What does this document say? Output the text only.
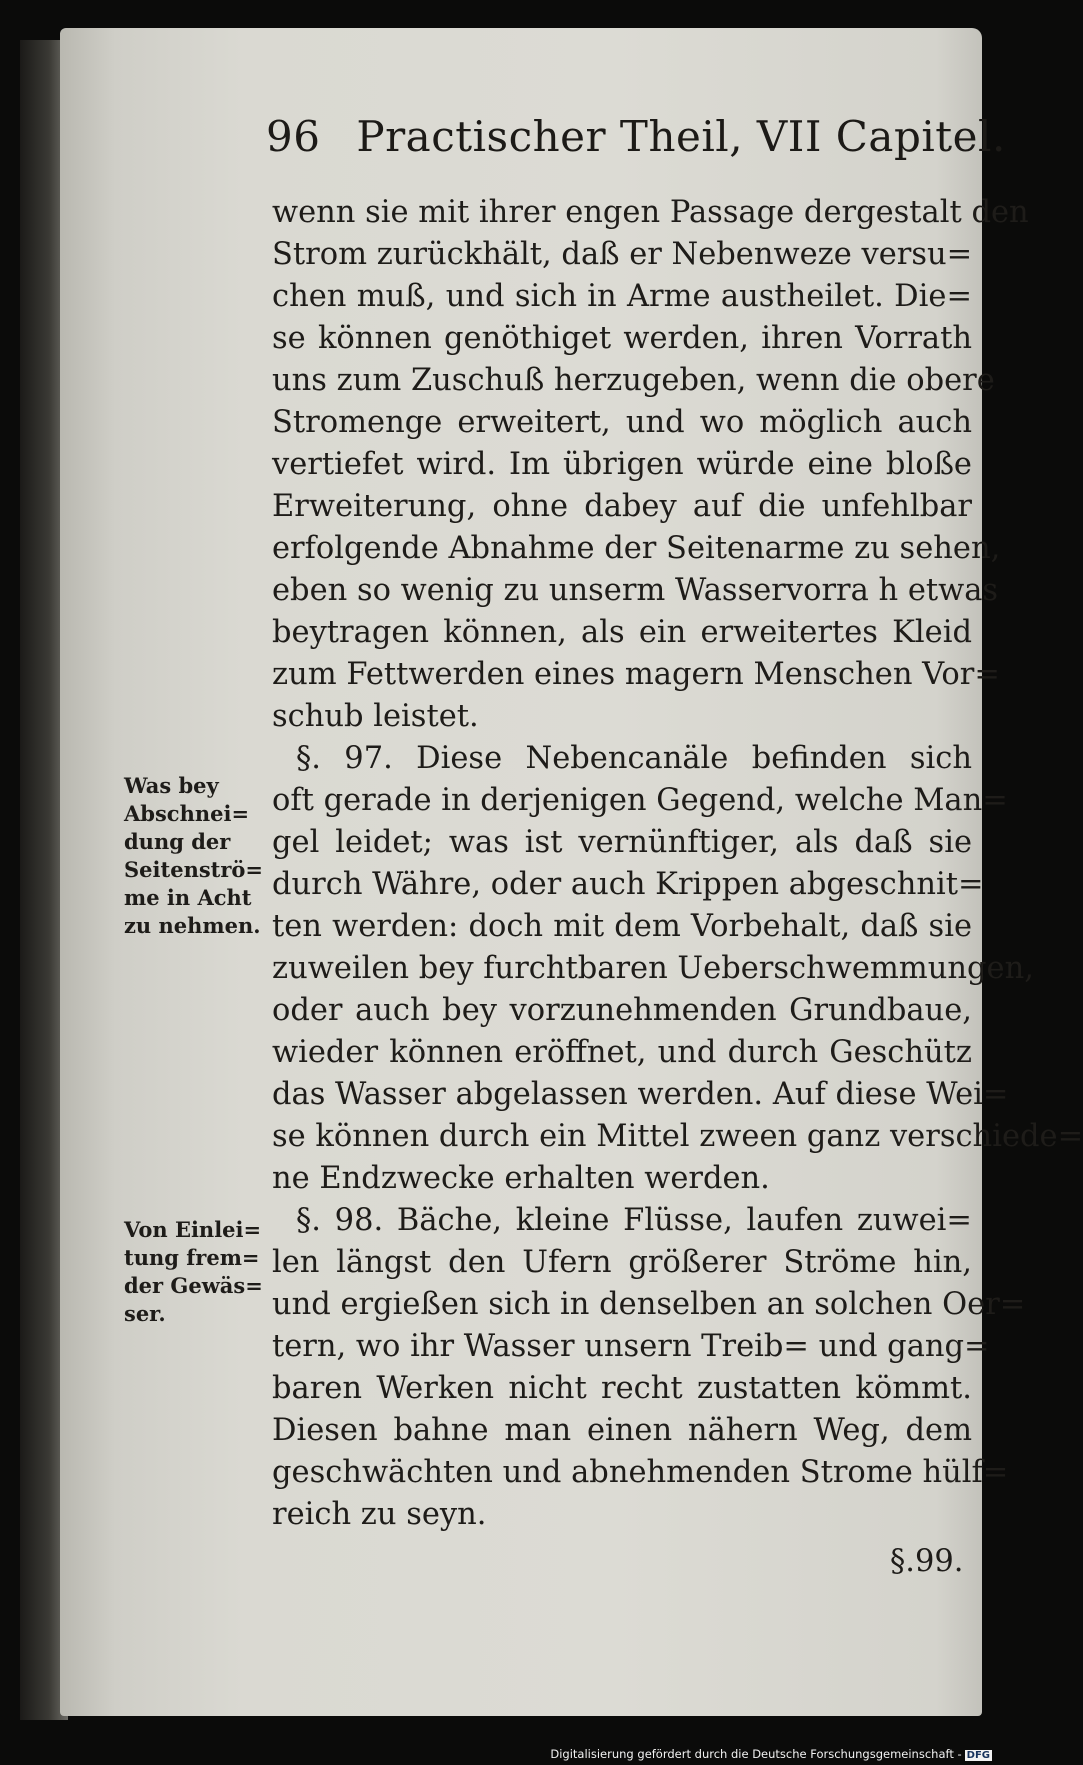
96 Practischer Theil, VII Capitel.
wenn sie mit ihrer engen Passage dergestalt den
Strom zurückhält, daß er Nebenweze versu=
chen muß, und sich in Arme austheilet. Die=
se können genöthiget werden, ihren Vorrath
uns zum Zuschuß herzugeben, wenn die obere
Stromenge erweitert, und wo möglich auch
vertiefet wird. Im übrigen würde eine bloße
Erweiterung, ohne dabey auf die unfehlbar
erfolgende Abnahme der Seitenarme zu sehen,
eben so wenig zu unserm Wasservorra h etwas
beytragen können, als ein erweitertes Kleid
zum Fettwerden eines magern Menschen Vor=
schub leistet.
§. 97. Diese Nebencanäle befinden sich
oft gerade in derjenigen Gegend, welche Man=
gel leidet; was ist vernünftiger, als daß sie
durch Währe, oder auch Krippen abgeschnit=
ten werden: doch mit dem Vorbehalt, daß sie
zuweilen bey furchtbaren Ueberschwemmungen,
oder auch bey vorzunehmenden Grundbaue,
wieder können eröffnet, und durch Geschütz
das Wasser abgelassen werden. Auf diese Wei=
se können durch ein Mittel zween ganz verschiede=
ne Endzwecke erhalten werden.
§. 98. Bäche, kleine Flüsse, laufen zuwei=
len längst den Ufern größerer Ströme hin,
und ergießen sich in denselben an solchen Oer=
tern, wo ihr Wasser unsern Treib= und gang=
baren Werken nicht recht zustatten kömmt.
Diesen bahne man einen nähern Weg, dem
geschwächten und abnehmenden Strome hülf=
reich zu seyn.
Was bey
Abschnei=
dung der
Seitenströ=
me in Acht
zu nehmen.
Von Einlei=
tung frem=
der Gewäs=
ser.
§.99.
Digitalisierung gefördert durch die Deutsche Forschungsgemeinschaft - DFG
